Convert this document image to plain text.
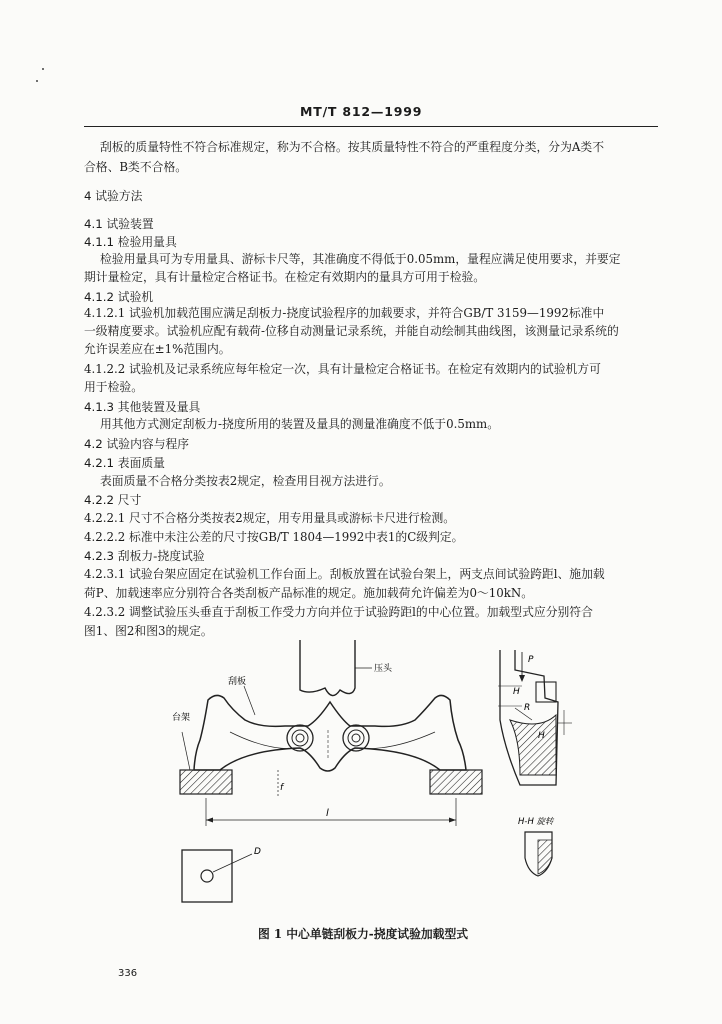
MT/T 812—1999
刮板的质量特性不符合标准规定，称为不合格。按其质量特性不符合的严重程度分类，分为A类不
合格、B类不合格。
4 试验方法
4.1 试验装置
4.1.1 检验用量具
检验用量具可为专用量具、游标卡尺等，其准确度不得低于0.05mm，量程应满足使用要求，并要定
期计量检定，具有计量检定合格证书。在检定有效期内的量具方可用于检验。
4.1.2 试验机
4.1.2.1 试验机加载范围应满足刮板力-挠度试验程序的加载要求，并符合GB/T 3159—1992标准中
一级精度要求。试验机应配有载荷-位移自动测量记录系统，并能自动绘制其曲线图，该测量记录系统的
允许误差应在±1%范围内。
4.1.2.2 试验机及记录系统应每年检定一次，具有计量检定合格证书。在检定有效期内的试验机方可
用于检验。
4.1.3 其他装置及量具
用其他方式测定刮板力-挠度所用的装置及量具的测量准确度不低于0.5mm。
4.2 试验内容与程序
4.2.1 表面质量
表面质量不合格分类按表2规定，检查用目视方法进行。
4.2.2 尺寸
4.2.2.1 尺寸不合格分类按表2规定，用专用量具或游标卡尺进行检测。
4.2.2.2 标准中未注公差的尺寸按GB/T 1804—1992中表1的C级判定。
4.2.3 刮板力-挠度试验
4.2.3.1 试验台架应固定在试验机工作台面上。刮板放置在试验台架上，两支点间试验跨距l、施加载
荷P、加载速率应分别符合各类刮板产品标准的规定。施加载荷允许偏差为0～10kN。
4.2.3.2 调整试验压头垂直于刮板工作受力方向并位于试验跨距l的中心位置。加载型式应分别符合
图1、图2和图3的规定。
压头
刮板
台架
f
l
D
P
H
R
H
H-H 旋转
图 1 中心单链刮板力-挠度试验加载型式
336
